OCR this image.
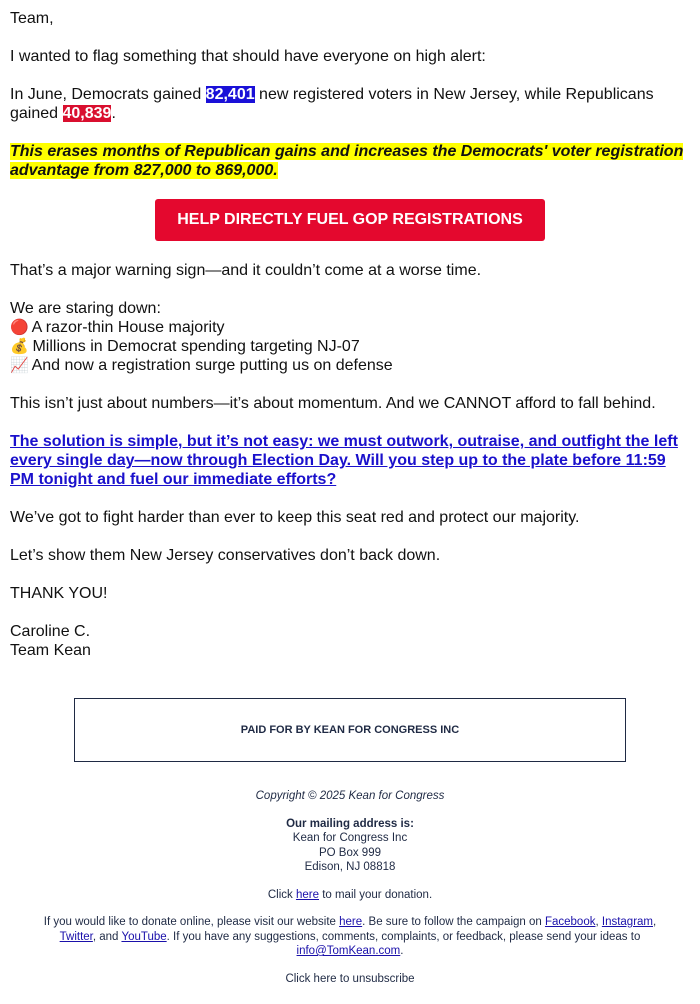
Team,

I wanted to flag something that should have everyone on high alert:

In June, Democrats gained 82,401 new registered voters in New Jersey, while Republicans gained 40,839.

This erases months of Republican gains and increases the Democrats' voter registration advantage from 827,000 to 869,000.

HELP DIRECTLY FUEL GOP REGISTRATIONS

That’s a major warning sign—and it couldn’t come at a worse time.

We are staring down:
🔴 A razor-thin House majority
💰 Millions in Democrat spending targeting NJ-07
📈 And now a registration surge putting us on defense

This isn’t just about numbers—it’s about momentum. And we CANNOT afford to fall behind.

The solution is simple, but it’s not easy: we must outwork, outraise, and outfight the left every single day—now through Election Day. Will you step up to the plate before 11:59 PM tonight and fuel our immediate efforts?

We’ve got to fight harder than ever to keep this seat red and protect our majority.

Let’s show them New Jersey conservatives don’t back down.

THANK YOU!

Caroline C.
Team Kean

PAID FOR BY KEAN FOR CONGRESS INC

Copyright © 2025 Kean for Congress

Our mailing address is:
Kean for Congress Inc
PO Box 999
Edison, NJ 08818

Click here to mail your donation.

If you would like to donate online, please visit our website here. Be sure to follow the campaign on Facebook, Instagram,
Twitter, and YouTube. If you have any suggestions, comments, complaints, or feedback, please send your ideas to
info@TomKean.com.

Click here to unsubscribe
